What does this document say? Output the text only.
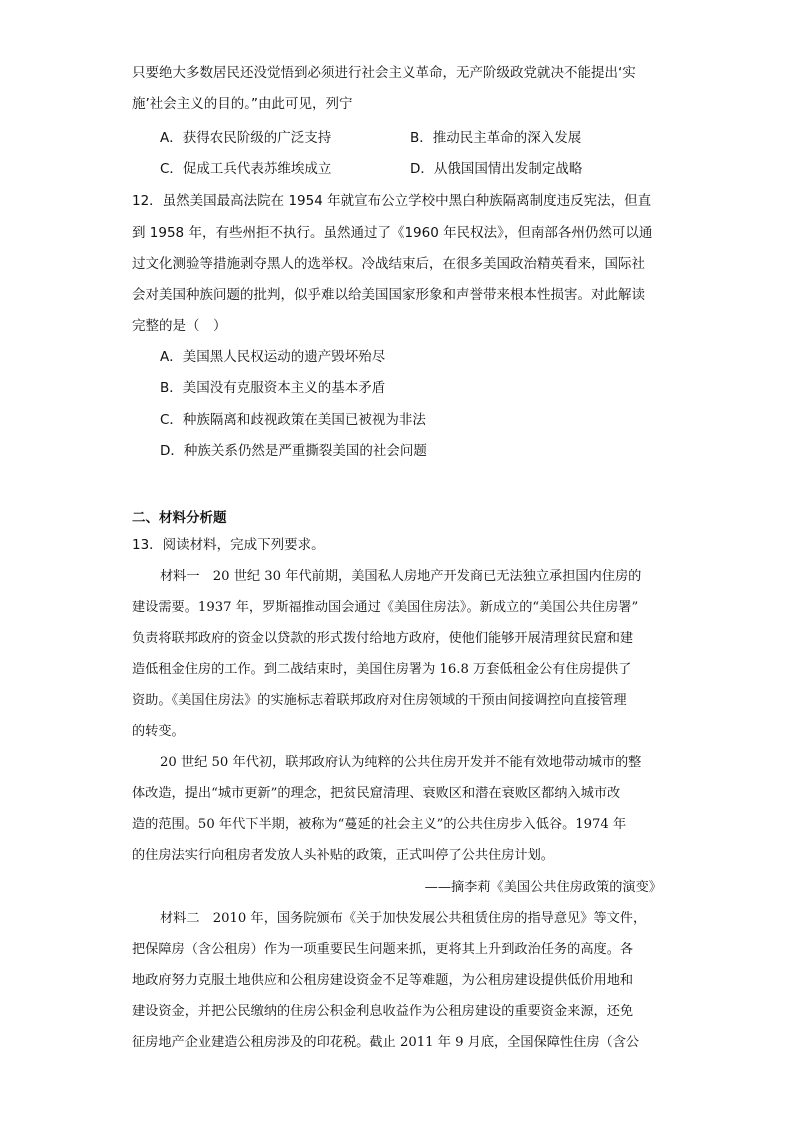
只要绝大多数居民还没觉悟到必须进行社会主义革命，无产阶级政党就决不能提出‘实
施’社会主义的目的。”由此可见，列宁
A．获得农民阶级的广泛支持	B．推动民主革命的深入发展
C．促成工兵代表苏维埃成立	D．从俄国国情出发制定战略
12．虽然美国最高法院在 1954 年就宣布公立学校中黑白种族隔离制度违反宪法，但直
到 1958 年，有些州拒不执行。虽然通过了《1960 年民权法》，但南部各州仍然可以通
过文化测验等措施剥夺黑人的选举权。冷战结束后，在很多美国政治精英看来，国际社
会对美国种族问题的批判，似乎难以给美国国家形象和声誉带来根本性损害。对此解读
完整的是（　）
A．美国黑人民权运动的遗产毁坏殆尽
B．美国没有克服资本主义的基本矛盾
C．种族隔离和歧视政策在美国已被视为非法
D．种族关系仍然是严重撕裂美国的社会问题
二、材料分析题
13．阅读材料，完成下列要求。
材料一　20 世纪 30 年代前期，美国私人房地产开发商已无法独立承担国内住房的
建设需要。1937 年，罗斯福推动国会通过《美国住房法》。新成立的“美国公共住房署”
负责将联邦政府的资金以贷款的形式拨付给地方政府，使他们能够开展清理贫民窟和建
造低租金住房的工作。到二战结束时，美国住房署为 16.8 万套低租金公有住房提供了
资助。《美国住房法》的实施标志着联邦政府对住房领域的干预由间接调控向直接管理
的转变。
20 世纪 50 年代初，联邦政府认为纯粹的公共住房开发并不能有效地带动城市的整
体改造，提出“城市更新”的理念，把贫民窟清理、衰败区和潜在衰败区都纳入城市改
造的范围。50 年代下半期，被称为“蔓延的社会主义”的公共住房步入低谷。1974 年
的住房法实行向租房者发放人头补贴的政策，正式叫停了公共住房计划。
——摘李莉《美国公共住房政策的演变》
材料二　2010 年，国务院颁布《关于加快发展公共租赁住房的指导意见》等文件，
把保障房（含公租房）作为一项重要民生问题来抓，更将其上升到政治任务的高度。各
地政府努力克服土地供应和公租房建设资金不足等难题，为公租房建设提供低价用地和
建设资金，并把公民缴纳的住房公积金利息收益作为公租房建设的重要资金来源，还免
征房地产企业建造公租房涉及的印花税。截止 2011 年 9 月底，全国保障性住房（含公
